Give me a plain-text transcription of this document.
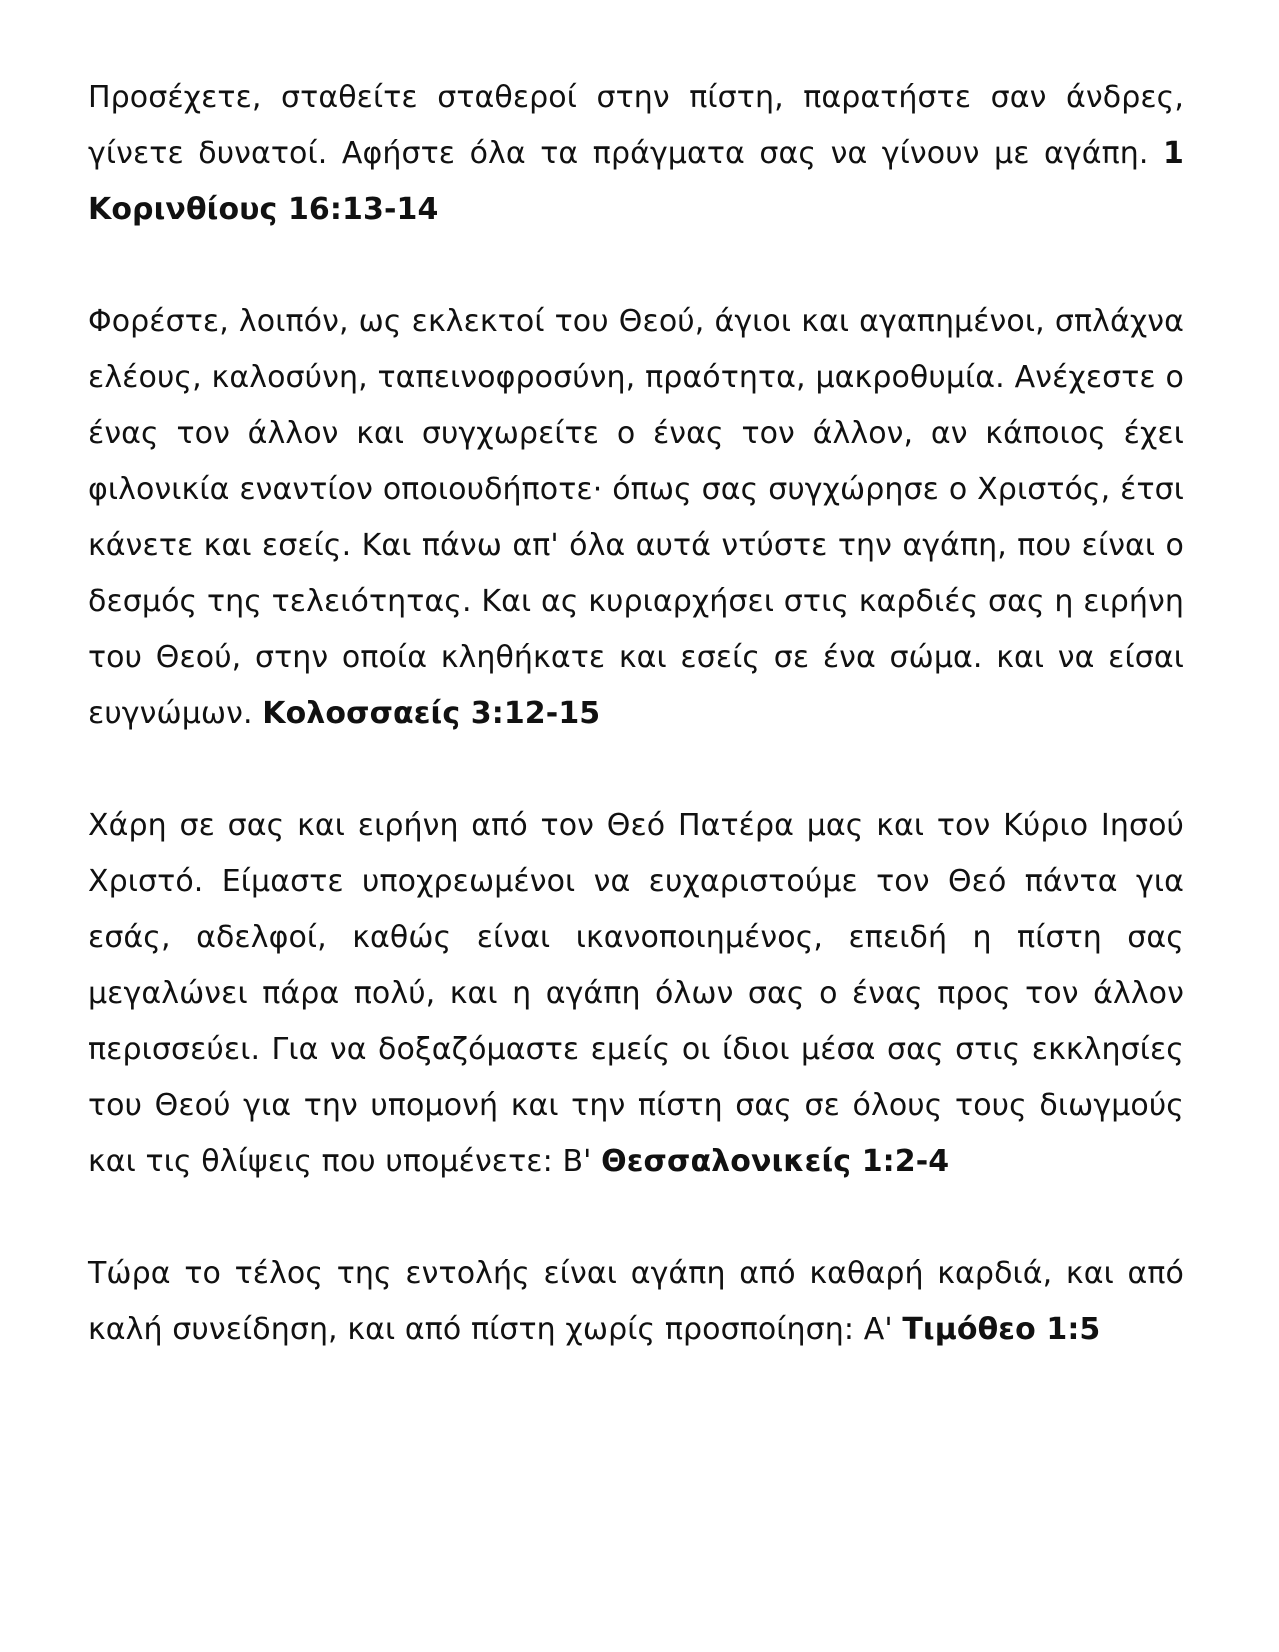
Προσέχετε, σταθείτε σταθεροί στην πίστη, παρατήστε σαν άνδρες, γίνετε δυνατοί. Αφήστε όλα τα πράγματα σας να γίνουν με αγάπη. 1 Κορινθίους 16:13-14

Φορέστε, λοιπόν, ως εκλεκτοί του Θεού, άγιοι και αγαπημένοι, σπλάχνα ελέους, καλοσύνη, ταπεινοφροσύνη, πραότητα, μακροθυμία. Ανέχεστε ο ένας τον άλλον και συγχωρείτε ο ένας τον άλλον, αν κάποιος έχει φιλονικία εναντίον οποιουδήποτε· όπως σας συγχώρησε ο Χριστός, έτσι κάνετε και εσείς. Και πάνω απ' όλα αυτά ντύστε την αγάπη, που είναι ο δεσμός της τελειότητας. Και ας κυριαρχήσει στις καρδιές σας η ειρήνη του Θεού, στην οποία κληθήκατε και εσείς σε ένα σώμα. και να είσαι ευγνώμων. Κολοσσαείς 3:12-15

Χάρη σε σας και ειρήνη από τον Θεό Πατέρα μας και τον Κύριο Ιησού Χριστό. Είμαστε υποχρεωμένοι να ευχαριστούμε τον Θεό πάντα για εσάς, αδελφοί, καθώς είναι ικανοποιημένος, επειδή η πίστη σας μεγαλώνει πάρα πολύ, και η αγάπη όλων σας ο ένας προς τον άλλον περισσεύει. Για να δοξαζόμαστε εμείς οι ίδιοι μέσα σας στις εκκλησίες του Θεού για την υπομονή και την πίστη σας σε όλους τους διωγμούς και τις θλίψεις που υπομένετε: Β' Θεσσαλονικείς 1:2-4

Τώρα το τέλος της εντολής είναι αγάπη από καθαρή καρδιά, και από καλή συνείδηση, και από πίστη χωρίς προσποίηση: Α' Τιμόθεο 1:5
